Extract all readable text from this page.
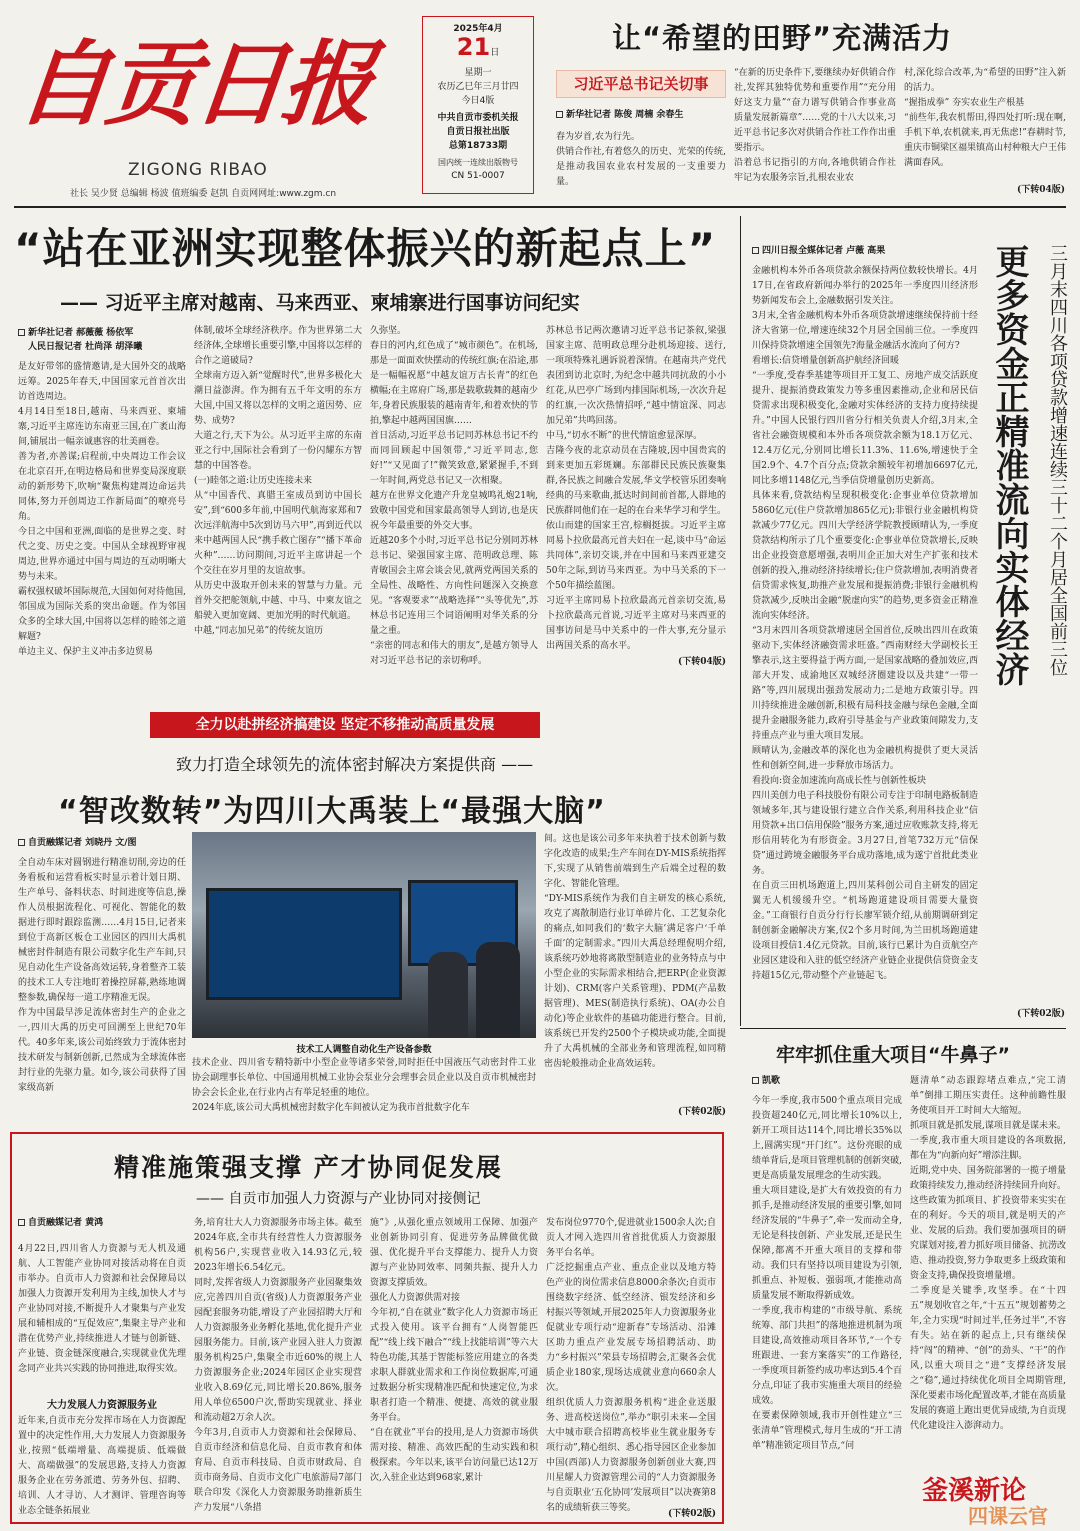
自贡日报
ZIGONG RIBAO
社长 吴少贤 总编辑 杨波 值班编委 赵凯 自贡网网址:www.zgm.cn
2025年4月
21日
星期一
农历乙巳年三月廿四
今日4版
中共自贡市委机关报
自贡日报社出版
总第18733期
国内统一连续出版物号
CN 51-0007
让“希望的田野”充满活力
习近平总书记关切事
新华社记者 陈俊 周楠 余春生
春为岁首,农为行先。
供销合作社,有着悠久的历史、光荣的传统,是推动我国农业农村发展的一支重要力量。
“在新的历史条件下,要继续办好供销合作社,发挥其独特优势和重要作用”“充分用好这支力量”“奋力谱写供销合作事业高质量发展新篇章”……党的十八大以来,习近平总书记多次对供销合作社工作作出重要指示。
沿着总书记指引的方向,各地供销合作社牢记为农服务宗旨,扎根农业农
村,深化综合改革,为“希望的田野”注入新的活力。
“握指成拳” 夯实农业生产根基
“前些年,我农机帮田,得四处打听:现在啊,手机下单,农机就来,再无焦虑!”春耕时节,重庆市铜梁区福果镇高山村种粮大户王伟满面春风。
(下转04版)
“站在亚洲实现整体振兴的新起点上”
—— 习近平主席对越南、马来西亚、柬埔寨进行国事访问纪实
新华社记者 郝薇薇 杨依军
人民日报记者 杜尚泽 胡泽曦
是友好带邻的盛情邀请,是大国外交的战略远筹。2025年春天,中国国家元首首次出访首选周边。
4月14日至18日,越南、马来西亚、柬埔寨,习近平主席连访东南亚三国,在广袤山海间,铺展出一幅亲诚惠容的壮美画卷。
善为者,亦善谋;启程前,中央周边工作会议在北京召开,在明边格局和世界变局深度联动的新形势下,吹响“聚焦构建周边命运共同体,努力开创周边工作新局面”的嘹亮号角。
今日之中国和亚洲,面临的是世界之变、时代之变、历史之变。中国从全球视野审视周边,世界亦通过中国与周边的互动明晰大势与未来。
霸权强权破坏国际规范,大国如何对待他国,邻国成为国际关系的突出命题。作为邻国众多的全球大国,中国将以怎样的睦邻之道解题?
单边主义、保护主义冲击多边贸易
体制,破坏全球经济秩序。作为世界第二大经济体,全球增长重要引擎,中国将以怎样的合作之道破局?
全球南方迈入新“觉醒时代”,世界多极化大潮日益澎湃。作为拥有五千年文明的东方大国,中国又将以怎样的文明之道因势、应势、成势?
大道之行,天下为公。从习近平主席的东南亚之行中,国际社会看到了一份闪耀东方智慧的中国答卷。
(一)睦邻之道:让历史连接未来
从“中国香代、真腊王室成员到访中国长安”,到“600多年前,中国明代航海家郑和7次远洋航海中5次到访马六甲”,再到近代以来中越两国人民“携手救亡图存”“播下革命火种”……访问期间,习近平主席讲起一个个交往在岁月里的友谊故事。
从历史中汲取开创未来的智慧与力量。元首外交把舵领航,中越、中马、中柬友谊之船驶入更加宽阔、更加光明的时代航道。
中越,“同志加兄弟”的传统友谊历
久弥坚。
春日的河内,红色成了“城市颜色”。在机场,那是一面面欢快摆动的传统红旗;在沿途,那是一幅幅祝愿“中越友谊万古长青”的红色横幅;在主席府广场,那是载歌载舞的越南少年,身着民族服装的越南青年,和着欢快的节拍,擎起中越两国国旗……
首日活动,习近平总书记同苏林总书记不约而同回顾起中国领带,“习近平同志,您好!”“又见面了!”微笑致意,紧紧握手,不到一年时间,两党总书记又一次相聚。
越方在世界文化遗产升龙皇城鸣礼炮21响,致敬中国党和国家最高领导人到访,也是庆祝今年最重要的外交大事。
近越20多个小时,习近平总书记分别同苏林总书记、梁强国家主席、范明政总理、陈青敏国会主席会谈会见,就两党两国关系的全局性、战略性、方向性问题深入交换意见。“客观要求”“战略选择”“头等优先”,苏林总书记连用三个词语阐明对华关系的分量之重。
“亲密的同志和伟大的朋友”,是越方领导人对习近平总书记的亲切称呼。
苏林总书记两次邀请习近平总书记茶叙,梁强国家主席、范明政总理分赴机场迎接、送行,一项项特殊礼遇诉说着深情。在越南共产党代表团到访北京时,为纪念中越共同抗敌的小小红花,从巴亭广场到内排国际机场,一次次升起的红旗,一次次热情招呼,“越中情谊深、同志加兄弟”共鸣回荡。
中马,“切水不断”的世代情谊愈显深厚。
吉隆今夜的北京动员在吉隆坡,因中国贵宾的到来更加五彩斑斓。东部群民民族民族聚集群,各民族之间融合发展,华文学校管乐团奏响经典的马来歌曲,抵达时间间前首都,人群地的民族群同他们在一起的在台来华学习和学生。
依山而建的国家王宫,棕榈挺拔。习近平主席同易卜拉欣最高元首夫妇在一起,谈中马“命运共同体”,亲切交谈,并在中国和马来西亚建交50年之际,到访马来西亚。为中马关系的下一个50年描绘蓝图。
习近平主席同易卜拉欣最高元首亲切交流,易卜拉欣最高元首说,习近平主席对马来西亚的国事访问是马中关系中的一件大事,充分显示出两国关系的高水平。
(下转04版)
四川日报全媒体记者 卢薇 高果	更多资金正精准流向实体经济	三月末四川各项贷款增速连续三十二个月居全国前三位
金融机构本外币各项贷款余额保持两位数较快增长。4月17日,在省政府新闻办举行的2025年一季度四川经济形势新闻发布会上,金融数据引发关注。
3月末,全省金融机构本外币各项贷款增速继续保持前十经济大省第一位,增速连续32个月居全国前三位。一季度四川保持贷款增速全国领先?海量金融活水流向了何方?
看增长:信贷增量创新高护航经济回暖
“一季度,受春季基建等项目开工复工、房地产成交活跃度提升、提振消费政策发力等多重因素推动,企业和居民信贷需求出现积极变化,金融对实体经济的支持力度持续提升。”中国人民银行四川省分行相关负责人介绍,3月末,全省社会融资规模和本外币各项贷款余额为18.1万亿元、12.4万亿元,分别同比增长11.3%、11.6%,增速快于全国2.9个、4.7个百分点;贷款余额较年初增加6697亿元,同比多增1148亿元,当季信贷增量创历史新高。
具体来看,贷款结构呈现积极变化:企事业单位贷款增加5860亿元(住户贷款增加865亿元);非银行业金融机构贷款减少77亿元。四川大学经济学院教授顾晴认为,一季度贷款结构所示了几个重要变化:企事业单位贷款增长,反映出企业投资意愿增强,表明川企正加大对生产扩张和技术创新的投入,推动经济持续增长;住户贷款增加,表明消费者信贷需求恢复,助推产业发展和提振消费;非银行金融机构贷款减少,反映出金融“脱虚向实”的趋势,更多资金正精准流向实体经济。
“3月末四川各项贷款增速居全国首位,反映出四川在政策驱动下,实体经济融资需求旺盛。”西南财经大学副校长王擎表示,这主要得益于两方面,一是国家战略的叠加效应,西部大开发、成渝地区双城经济圈建设以及共建“一带一路”等,四川展现出强劲发展动力;二是地方政策引导。四川持续推进金融创新,积极有局科技金融与绿色金融,全面提升金融服务能力,政府引导基金与产业政策间隙发力,支持重点产业与重大项目发展。
顾晴认为,金融改革的深化也为金融机构提供了更大灵活性和创新空间,进一步释放市场活力。
看投向:资金加速流向高成长性与创新性板块
四川美创力电子科技股份有限公司专注于印制电路板制造领域多年,其与建设银行建立合作关系,利用科技企业“信用贷款+出口信用保险”服务方案,通过应收账款支持,将无形信用转化为有形资金。3月27日,首笔732万元“信保贷”通过跨境金融服务平台成功落地,成为遂宁首批此类业务。
在自贡三田机场跑道上,四川某科创公司自主研发的固定翼无人机缓缓升空。“机场跑道建设项目需要大量资金。”工商银行自贡分行行长廖军锁介绍,从前期调研到定制创新金融解决方案,仅2个多月时间,为兰田机场跑道建设项目授信1.4亿元贷款。目前,该行已累计为自贡航空产业园区建设和入驻的低空经济产业链企业提供信贷资金支持超15亿元,带动整个产业链起飞。
(下转02版)
全力以赴拼经济搞建设 坚定不移推动高质量发展
致力打造全球领先的流体密封解决方案提供商 ——
“智改数转”为四川大禹装上“最强大脑”
自贡融媒记者 刘晓丹 文/图
全自动车床对圆钢进行精准切削,旁边的任务看板和运营看板实时显示着计划日期、生产单号、备料状态、时间进度等信息,操作人员根据流程化、可视化、智能化的数据进行即时跟踪监测……4月15日,记者来到位于高新区板仓工业园区的四川大禹机械密封件制造有限公司数字化生产车间,只见自动化生产设备高效运转,身着整齐工装的技术工人专注地盯着操控屏幕,熟练地调整参数,确保每一道工序精准无误。
作为中国最早涉足流体密封生产的企业之一,四川大禹的历史可回溯至上世纪70年代。40多年来,该公司始终致力于流体密封技术研发与制新创新,已然成为全球流体密封行业的先驱力量。如今,该公司获得了国家级高新
技术工人调整自动化生产设备参数
技术企业、四川省专精特新中小型企业等诸多荣誉,同时拒任中国液压气动密封件工业协会副理事长单位、中国通用机械工业协会泵业分会理事会员企业以及自贡市机械密封协会会长企业,在行业内占有举足轻重的地位。
2024年底,该公司大禹机械密封数字化车间被认定为我市首批数字化车
间。这也是该公司多年来执着于技术创新与数字化改造的成果;生产车间在DY-MIS系统指挥下,实现了从销售前端到生产后端全过程的数字化、智能化管理。
“DY-MIS系统作为我们自主研发的核心系统,攻克了离散制造行业订单碎片化、工艺复杂化的痛点,如同我们的‘数字大脑’满足客户‘千单千面’的定制需求。”四川大禹总经理倪明介绍,该系统巧妙地将离散型制造业的业务特点与中小型企业的实际需求相结合,把ERP(企业资源计划)、CRM(客户关系管理)、PDM(产品数据管理)、MES(制造执行系统)、OA(办公自动化)等企业软件的基础功能进行整合。目前,该系统已开发约2500个子模块或功能,全面提升了大禹机械的全部业务和管理流程,如同精密齿轮般推动企业高效运转。
(下转02版)
精准施策强支撑 产才协同促发展
—— 自贡市加强人力资源与产业协同对接侧记
自贡融媒记者 黄鸿
4月22日,四川省人力资源与无人机及通航、人工智能产业协同对接活动将在自贡市举办。自贡市人力资源和社会保障局以加强人力资源开发利用为主线,加快人才与产业协同对接,不断提升人才聚集与产业发展和辅相成的“互促效应”,集聚主导产业和潜在优势产业,持续推进人才链与创新链、产业链、资金链深度融合,实现就业优先理念同产业共兴实践的协同推进,取得实效。
大力发展人力资源服务业
近年来,自贡市充分发挥市场在人力资源配置中的决定性作用,大力发展人力资源服务业,按照“低端增量、高端提质、低端做大、高端做强”的发展思路,支持人力资源服务企业在劳务派遣、劳务外包、招聘、培训、人才寻访、人才测评、管理咨询等业态全链条拓展业
务,培育壮大人力资源服务市场主体。截至2024年底,全市共有经营性人力资源服务机构56户,实现营业收入14.93亿元,较2023年增长6.54亿元。
同时,发挥省级人力资源服务产业园聚集效应,完善四川自贡(省级)人力资源服务产业园配套服务功能,增设了产业园招聘大厅和人力资源服务业务孵化基地,优化提升产业园服务能力。目前,该产业园入驻人力资源服务机构25户,集聚全市近60%的规上人力资源服务企业;2024年园区企业实现营业收入8.69亿元,同比增长20.86%,服务用人单位6500户次,帮助实现就业、择业和流动超2万余人次。
今年3月,自贡市人力资源和社会保障局、自贡市经济和信息化局、自贡市教育和体育局、自贡市科技局、自贡市财政局、自贡市商务局、自贡市文化广电旅游局7部门联合印发《深化人力资源服务助推新质生产力发展“八条措
施”》,从强化重点领域用工保障、加强产业创新协同引育、促进劳务品牌做优做强、优化提升平台支撑能力、提升人力资源与产业协同效率、同频共振、提升人力资源支撑质效。
强化人力资源供需对接
今年初,“自在就业”数字化人力资源市场正式投入使用。该平台拥有“人岗智能匹配”“线上线下融合”“线上找能培训”等六大特色功能,其基于智能标签应用建立的各类求职人群就业需求和工作岗位数据库,可通过数据分析实现精准匹配和快速定位,为求职者打造一个精准、便捷、高效的就业服务平台。
“自在就业”平台的投用,是人力资源市场供需对接、精准、高效匹配的生动实践和积极探索。今年以来,该平台访问量已达12万次,入驻企业达到968家,累计
发布岗位9770个,促进就业1500余人次;自贡人才网入选四川省首批优质人力资源服务平台名单。
广泛挖掘重点产业、重点企业以及地方特色产业的岗位需求信息8000余条次;自贡市围绕数字经济、低空经济、银发经济和乡村振兴等领域,开展2025年人力资源服务业促就业专项行动“迎新春”专场活动、沿滩区助力重点产业发展专场招聘活动、助力“乡村振兴”荣县专场招聘会,汇聚各会优质企业180家,现场达成就业意向660余人次。
组织优质人力资源服务机构“进企业送服务、进高校送岗位”,举办“职引未来—全国大中城市联合招聘高校毕业生就业服务专项行动”,精心组织、悉心指导园区企业参加中国(西部)人力资源服务创新创业大赛,四川星耀人力资源管理公司的“人力资源服务与自贡职业‘五化协同’发展项目”以决赛第8名的成绩斩获三等奖。
(下转02版)
牢牢抓住重大项目“牛鼻子”
凯歌
今年一季度,我市500个重点项目完成投资超240亿元,同比增长10%以上,新开工项目达114个,同比增长35%以上,圆满实现“开门红”。这份亮眼的成绩单背后,是项目管理机制的创新突破,更是高质量发展理念的生动实践。
重大项目建设,是扩大有效投资的有力抓手,是推动经济发展的重要引擎,如同经济发展的“牛鼻子”,牵一发而动全身,无论是科技创新、产业发展,还是民生保障,都离不开重大项目的支撑和带动。我们只有坚持以项目建设为引领,抓重点、补短板、强弱项,才能推动高质量发展不断取得新成效。
一季度,我市构建的“市级导航、系统统筹、部门共担”的落地推进机制为项目建设,高效推动项目各环节,“一个专班跟进、一套方案落实”的工作路径,一季度项目新签约成功率达到5.4个百分点,印证了我市实施重大项目的经验成效。
在要素保障领域,我市开创性建立“三张清单”管理模式,每月生成的“开工清单”精准锁定项目节点,“问
题清单”动态跟踪堵点难点,“完工清单”倒排工期压实责任。这种前瞻性服务使项目开工时间大大缩短。
抓项目就是抓发展,谋项目就是谋未来。一季度,我市重大项目建设的各项数据,都在为“向新向好”增添注脚。
近期,党中央、国务院部署的一揽子增量政策持续发力,推动经济持续回升向好。这些政策为抓项目、扩投资带来实实在在的利好。今天的项目,就是明天的产业、发展的后劲。我们要加强项目的研究谋划对接,着力抓好项目储备、抗涝改造、推动投资,努力争取更多上级政策和资金支持,确保投资增量增。
二季度是关键季,攻坚季。在“十四五”规划收官之年,“十五五”规划蓄势之年,全力实现“时间过半,任务过半”,不容有失。站在新的起点上,只有继续保持“闯”的精神、“创”的劲头、“干”的作风,以重大项目之“进”支撑经济发展之“稳”,通过持续优化项目全周期管理,深化要素市场化配置改革,才能在高质量发展的赛道上跑出更优异成绩,为自贡现代化建设注入澎湃动力。
釜溪新论
四课云官
